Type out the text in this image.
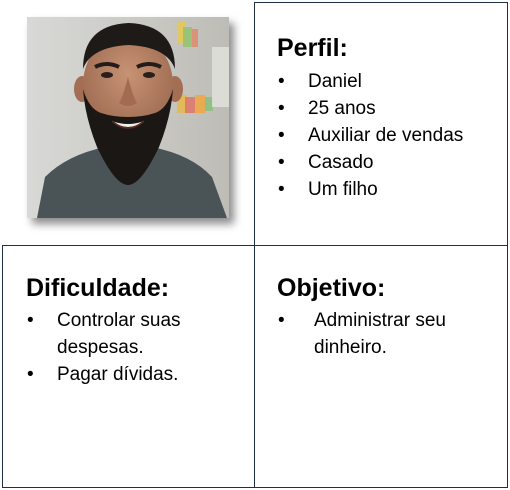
Perfil:
• Daniel
• 25 anos
• Auxiliar de vendas
• Casado
• Um filho
Dificuldade:
• Controlar suas
despesas.
• Pagar dívidas.
Objetivo:
• Administrar seu
dinheiro.
